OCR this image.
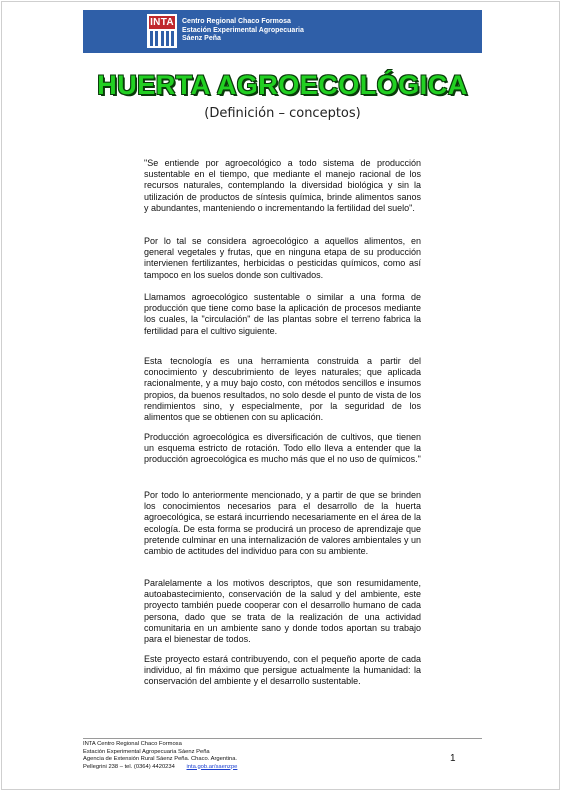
INTA Centro Regional Chaco Formosa
Estación Experimental Agropecuaria
Sáenz Peña
HUERTA AGROECOLÓGICA
(Definición – conceptos)

"Se entiende por agroecológico a todo sistema de producción sustentable en el tiempo, que mediante el manejo racional de los recursos naturales, contemplando la diversidad biológica y sin la utilización de productos de síntesis química, brinde alimentos sanos y abundantes, manteniendo o incrementando la fertilidad del suelo".

Por lo tal se considera agroecológico a aquellos alimentos, en general vegetales y frutas, que en ninguna etapa de su producción intervienen fertilizantes, herbicidas o pesticidas químicos, como así tampoco en los suelos donde son cultivados.

Llamamos agroecológico sustentable o similar a una forma de producción que tiene como base la aplicación de procesos mediante los cuales, la "circulación" de las plantas sobre el terreno fabrica la fertilidad para el cultivo siguiente.

Esta tecnología es una herramienta construida a partir del conocimiento y descubrimiento de leyes naturales; que aplicada racionalmente, y a muy bajo costo, con métodos sencillos e insumos propios, da buenos resultados, no solo desde el punto de vista de los rendimientos sino, y especialmente, por la seguridad de los alimentos que se obtienen con su aplicación.

Producción agroecológica es diversificación de cultivos, que tienen un esquema estricto de rotación. Todo ello lleva a entender que la producción agroecológica es mucho más que el no uso de químicos."

Por todo lo anteriormente mencionado, y a partir de que se brinden los conocimientos necesarios para el desarrollo de la huerta agroecológica, se estará incurriendo necesariamente en el área de la ecología. De esta forma se producirá un proceso de aprendizaje que pretende culminar en una internalización de valores ambientales y un cambio de actitudes del individuo para con su ambiente.

Paralelamente a los motivos descriptos, que son resumidamente, autoabastecimiento, conservación de la salud y del ambiente, este proyecto también puede cooperar con el desarrollo humano de cada persona, dado que se trata de la realización de una actividad comunitaria en un ambiente sano y donde todos aportan su trabajo para el bienestar de todos.

Este proyecto estará contribuyendo, con el pequeño aporte de cada individuo, al fin máximo que persigue actualmente la humanidad: la conservación del ambiente y el desarrollo sustentable.

INTA Centro Regional Chaco Formosa
Estación Experimental Agropecuaria Sáenz Peña
Agencia de Extensión Rural Sáenz Peña. Chaco. Argentina.
Pellegrini 238 – tel. (0364) 4420234 inta.gob.ar/saenzpe
1
